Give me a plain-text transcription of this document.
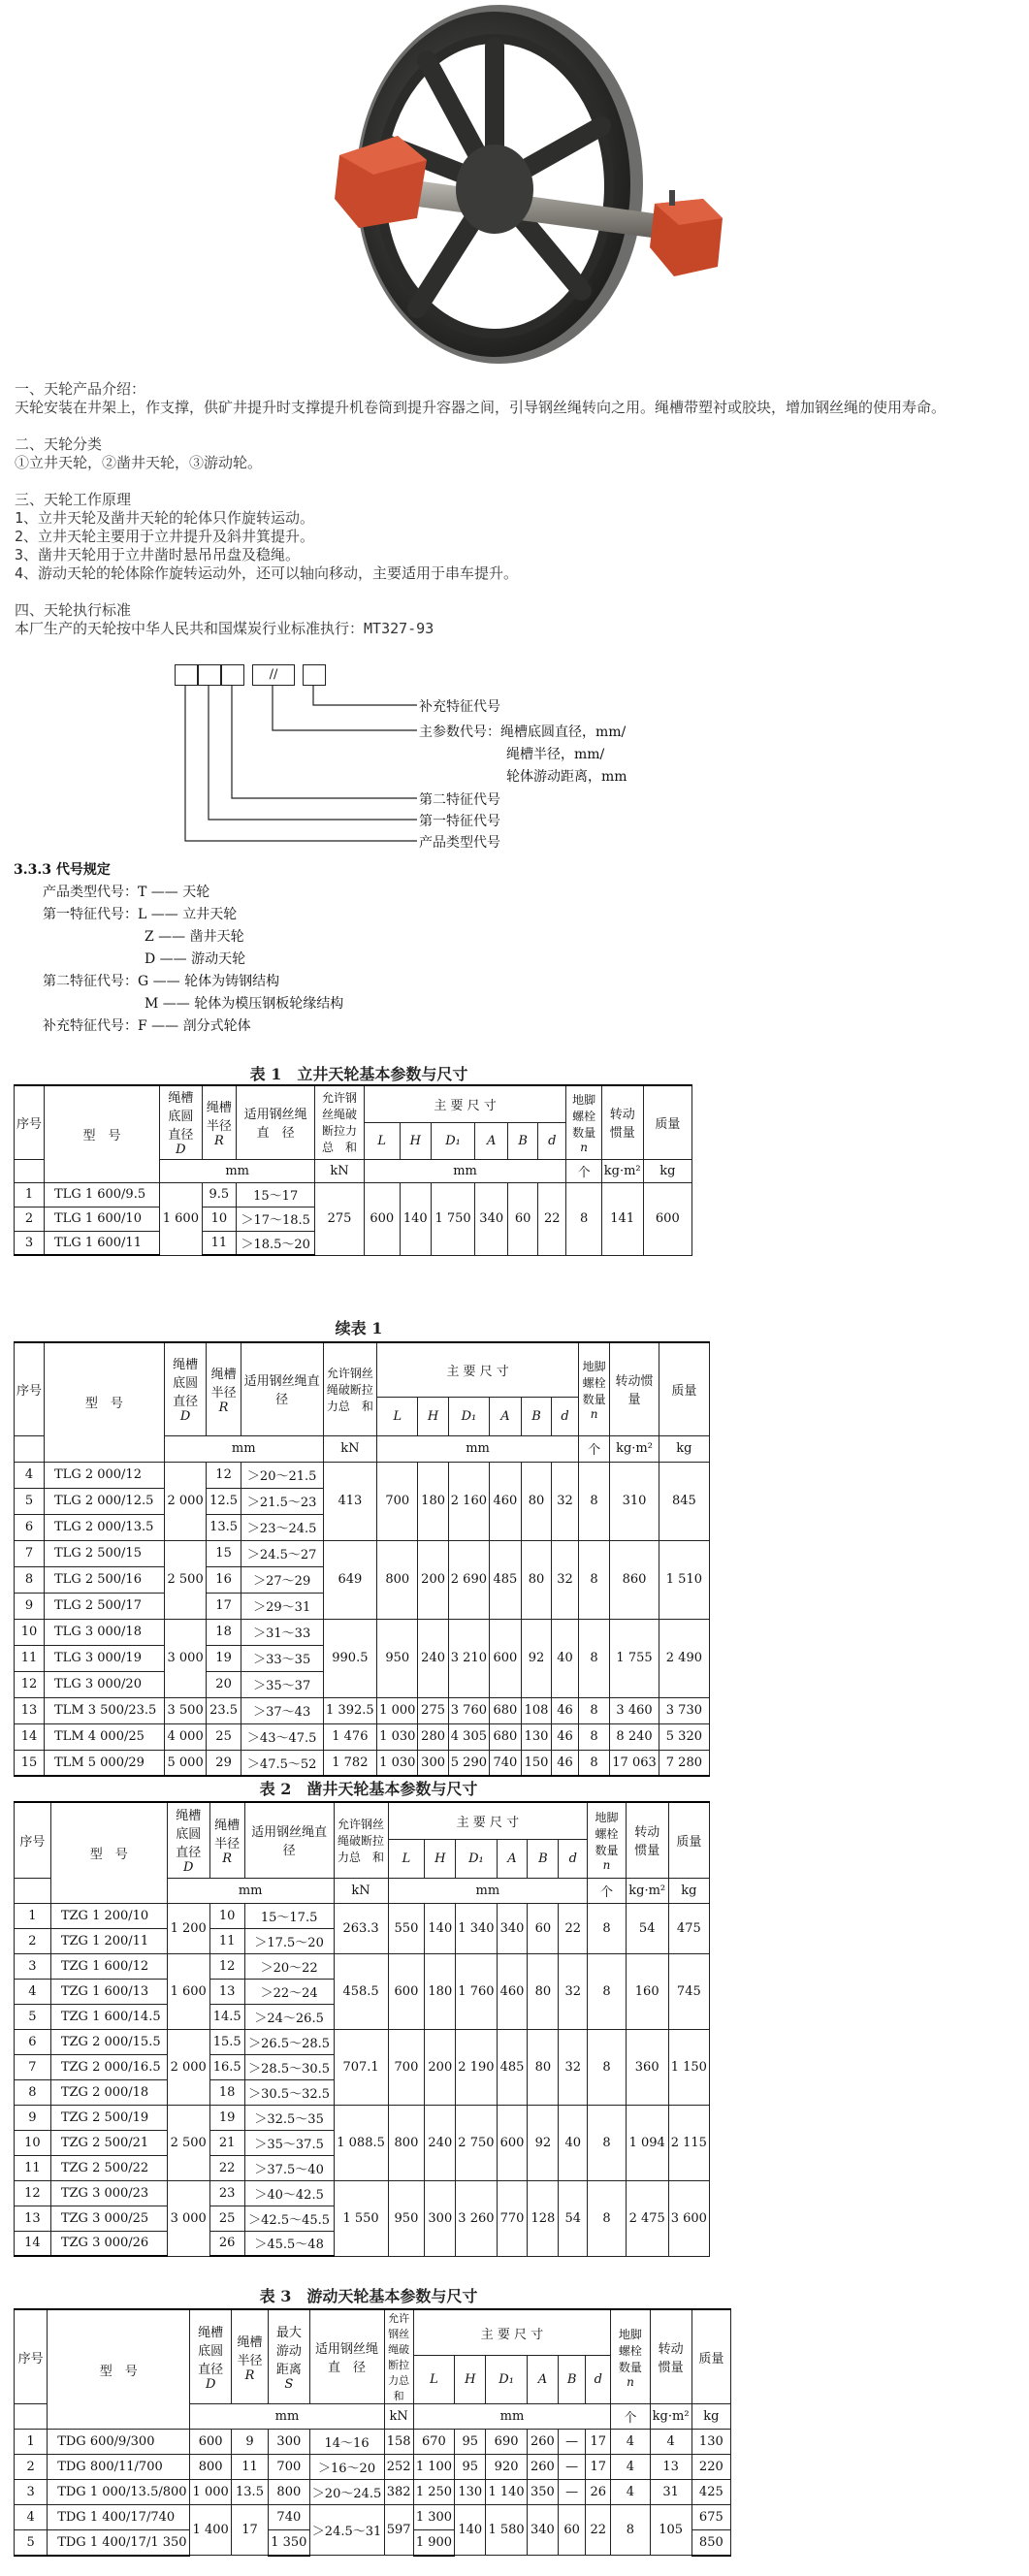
一、天轮产品介绍：
天轮安装在井架上，作支撑，供矿井提升时支撑提升机卷筒到提升容器之间，引导钢丝绳转向之用。绳槽带塑衬或胶块，增加钢丝绳的使用寿命。
二、天轮分类
①立井天轮，②凿井天轮，③游动轮。
三、天轮工作原理
1、立井天轮及凿井天轮的轮体只作旋转运动。
2、立井天轮主要用于立井提升及斜井箕提升。
3、凿井天轮用于立井凿时悬吊吊盘及稳绳。
4、游动天轮的轮体除作旋转运动外，还可以轴向移动，主要适用于串车提升。
四、天轮执行标准
本厂生产的天轮按中华人民共和国煤炭行业标准执行：MT327-93
//
补充特征代号
主参数代号：绳槽底圆直径，mm/
绳槽半径，mm/
轮体游动距离，mm
第二特征代号
第一特征代号
产品类型代号
3.3.3 代号规定
产品类型代号：T —— 天轮
第一特征代号：L —— 立井天轮
Z —— 凿井天轮
D —— 游动天轮
第二特征代号：G —— 轮体为铸钢结构
M —— 轮体为模压钢板轮缘结构
补充特征代号：F —— 剖分式轮体
表 1　立井天轮基本参数与尺寸
序号	型　号	绳槽底圆直径
D	绳槽半径
R	适用钢丝绳直　径	允许钢丝绳破断拉力总　和	主 要 尺 寸						地脚螺栓数量
n	转动惯量	质量
						L	H	D₁	A	B	d			
		mm			kN	mm						个	kg·m²	kg
1	TLG 1 600/9.5	1 600	9.5	15～17	275	600	140	1 750	340	60	22	8	141	600
2	TLG 1 600/10		10	＞17～18.5										
3	TLG 1 600/11		11	＞18.5～20										
续表 1
序号	型　号	绳槽底圆直径
D	绳槽半径
R	适用钢丝绳直　径	允许钢丝绳破断拉力总　和	主 要 尺 寸						地脚螺栓数量
n	转动惯量	质量
						L	H	D₁	A	B	d			
		mm			kN	mm						个	kg·m²	kg
4	TLG 2 000/12	2 000	12	＞20～21.5	413	700	180	2 160	460	80	32	8	310	845
5	TLG 2 000/12.5		12.5	＞21.5～23										
6	TLG 2 000/13.5		13.5	＞23～24.5										
7	TLG 2 500/15	2 500	15	＞24.5～27	649	800	200	2 690	485	80	32	8	860	1 510
8	TLG 2 500/16		16	＞27～29										
9	TLG 2 500/17		17	＞29～31										
10	TLG 3 000/18	3 000	18	＞31～33	990.5	950	240	3 210	600	92	40	8	1 755	2 490
11	TLG 3 000/19		19	＞33～35										
12	TLG 3 000/20		20	＞35～37										
13	TLM 3 500/23.5	3 500	23.5	＞37～43	1 392.5	1 000	275	3 760	680	108	46	8	3 460	3 730
14	TLM 4 000/25	4 000	25	＞43～47.5	1 476	1 030	280	4 305	680	130	46	8	8 240	5 320
15	TLM 5 000/29	5 000	29	＞47.5～52	1 782	1 030	300	5 290	740	150	46	8	17 063	7 280
表 2　凿井天轮基本参数与尺寸
序号	型　号	绳槽底圆直径
D	绳槽半径
R	适用钢丝绳直　径	允许钢丝绳破断拉力总　和	主 要 尺 寸						地脚螺栓数量
n	转动惯量	质量
						L	H	D₁	A	B	d			
		mm			kN	mm						个	kg·m²	kg
1	TZG 1 200/10	1 200	10	15～17.5	263.3	550	140	1 340	340	60	22	8	54	475
2	TZG 1 200/11		11	＞17.5～20										
3	TZG 1 600/12	1 600	12	＞20～22	458.5	600	180	1 760	460	80	32	8	160	745
4	TZG 1 600/13		13	＞22～24										
5	TZG 1 600/14.5		14.5	＞24～26.5										
6	TZG 2 000/15.5	2 000	15.5	＞26.5～28.5	707.1	700	200	2 190	485	80	32	8	360	1 150
7	TZG 2 000/16.5		16.5	＞28.5～30.5										
8	TZG 2 000/18		18	＞30.5～32.5										
9	TZG 2 500/19	2 500	19	＞32.5～35	1 088.5	800	240	2 750	600	92	40	8	1 094	2 115
10	TZG 2 500/21		21	＞35～37.5										
11	TZG 2 500/22		22	＞37.5～40										
12	TZG 3 000/23	3 000	23	＞40～42.5	1 550	950	300	3 260	770	128	54	8	2 475	3 600
13	TZG 3 000/25		25	＞42.5～45.5										
14	TZG 3 000/26		26	＞45.5～48										
表 3　游动天轮基本参数与尺寸
序号	型　号	绳槽底圆直径
D	绳槽半径
R	最大游动距离
S	适用钢丝绳直　径	允许钢丝绳破断拉力总　和	主 要 尺 寸						地脚螺栓数量
n	转动惯量	质量
							L	H	D₁	A	B	d			
		mm				kN	mm						个	kg·m²	kg
1	TDG 600/9/300	600	9	300	14～16	158	670	95	690	260	—	17	4	4	130
2	TDG 800/11/700	800	11	700	＞16～20	252	1 100	95	920	260	—	17	4	13	220
3	TDG 1 000/13.5/800	1 000	13.5	800	＞20～24.5	382	1 250	130	1 140	350	—	26	4	31	425
4	TDG 1 400/17/740	1 400	17	740	＞24.5～31	597	1 300	140	1 580	340	60	22	8	105	675
5	TDG 1 400/17/1 350			1 350			1 900								850
